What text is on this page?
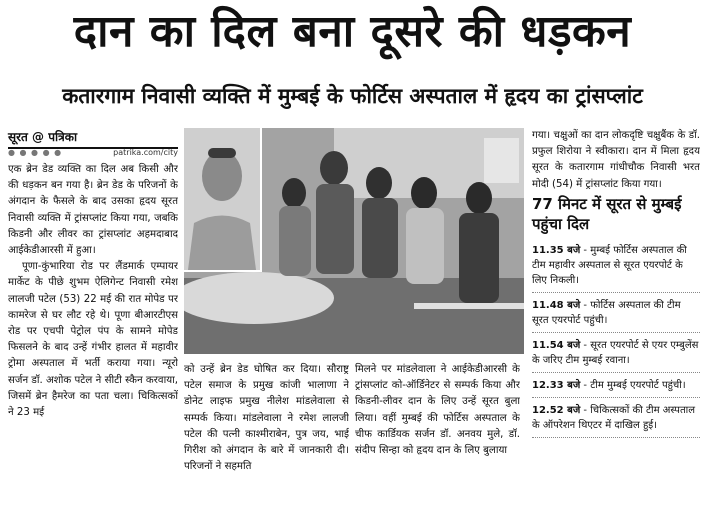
दान का दिल बना दूसरे की धड़कन
कतारगाम निवासी व्यक्ति में मुम्बई के फोर्टिस अस्पताल में हृदय का ट्रांसप्लांट
सूरत @ पत्रिका
● ● ● ● ●	patrika.com/city

एक ब्रेन डेड व्यक्ति का दिल अब किसी और की धड़कन बन गया है। ब्रेन डेड के परिजनों के अंगदान के फैसले के बाद उसका हृदय सूरत निवासी व्यक्ति में ट्रांसप्लांट किया गया, जबकि किडनी और लीवर का ट्रांसप्लांट अहमदाबाद आईकेडीआरसी में हुआ।

पूणा-कुंभारिया रोड पर लैंडमार्क एम्पायर मार्केट के पीछे शुभम ऐलिगेन्ट निवासी रमेश लालजी पटेल (53) 22 मई की रात मोपेड पर कामरेज से घर लौट रहे थे। पूणा बीआरटीएस रोड पर एचपी पेट्रोल पंप के सामने मोपेड फिसलने के बाद उन्हें गंभीर हालत में महावीर ट्रोमा अस्पताल में भर्ती कराया गया। न्यूरो सर्जन डॉ. अशोक पटेल ने सीटी स्कैन करवाया, जिसमें ब्रेन हैमरेज का पता चला। चिकित्सकों ने 23 मई

को उन्हें ब्रेन डेड घोषित कर दिया। सौराष्ट्र पटेल समाज के प्रमुख कांजी भालाणा ने डोनेट लाइफ प्रमुख नीलेश मांडलेवाला से सम्पर्क किया। मांडलेवाला ने रमेश लालजी पटेल की पत्नी काश्मीराबेन, पुत्र जय, भाई गिरीश को अंगदान के बारे में जानकारी दी। परिजनों ने सहमति
मिलने पर मांडलेवाला ने आईकेडीआरसी के ट्रांसप्लांट को-ऑर्डिनेटर से सम्पर्क किया और किडनी-लीवर दान के लिए उन्हें सूरत बुला लिया। वहीं मुम्बई की फोर्टिस अस्पताल के चीफ कार्डियक सर्जन डॉ. अनवय मुले, डॉ. संदीप सिन्हा को हृदय दान के लिए बुलाया
गया। चक्षुओं का दान लोकदृष्टि चक्षुबैंक के डॉ. प्रफुल शिरोया ने स्वीकारा। दान में मिला हृदय सूरत के कतारगाम गांधीचौक निवासी भरत मोदी (54) में ट्रांसप्लांट किया गया।
77 मिनट में सूरत से मुम्बई पहुंचा दिल
11.35 बजे - मुम्बई फोर्टिस अस्पताल की टीम महावीर अस्पताल से सूरत एयरपोर्ट के लिए निकली।
11.48 बजे - फोर्टिस अस्पताल की टीम सूरत एयरपोर्ट पहुंची।
11.54 बजे - सूरत एयरपोर्ट से एयर एम्बुलेंस के जरिए टीम मुम्बई रवाना।
12.33 बजे - टीम मुम्बई एयरपोर्ट पहुंची।
12.52 बजे - चिकित्सकों की टीम अस्पताल के ऑपरेशन थिएटर में दाखिल हुई।
